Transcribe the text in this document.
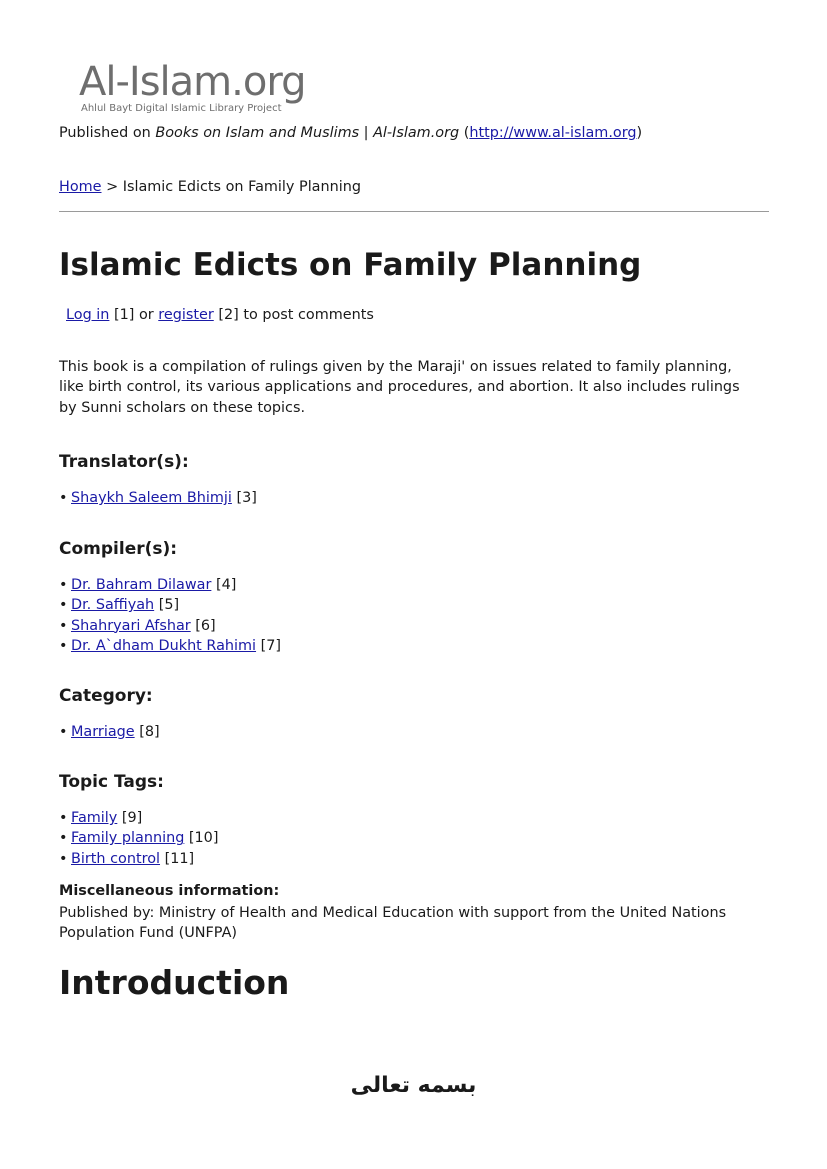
Al-Islam.org
Ahlul Bayt Digital Islamic Library Project
Published on Books on Islam and Muslims | Al-Islam.org (http://www.al-islam.org)
Home > Islamic Edicts on Family Planning
Islamic Edicts on Family Planning
Log in [1] or register [2] to post comments

This book is a compilation of rulings given by the Maraji' on issues related to family planning, like birth control, its various applications and procedures, and abortion. It also includes rulings by Sunni scholars on these topics.

Translator(s):
• Shaykh Saleem Bhimji [3]
Compiler(s):
• Dr. Bahram Dilawar [4]
• Dr. Saffiyah [5]
• Shahryari Afshar [6]
• Dr. A`dham Dukht Rahimi [7]
Category:
• Marriage [8]
Topic Tags:
• Family [9]
• Family planning [10]
• Birth control [11]
Miscellaneous information:
Published by: Ministry of Health and Medical Education with support from the United Nations Population Fund (UNFPA)
Introduction
بسمه تعالی
